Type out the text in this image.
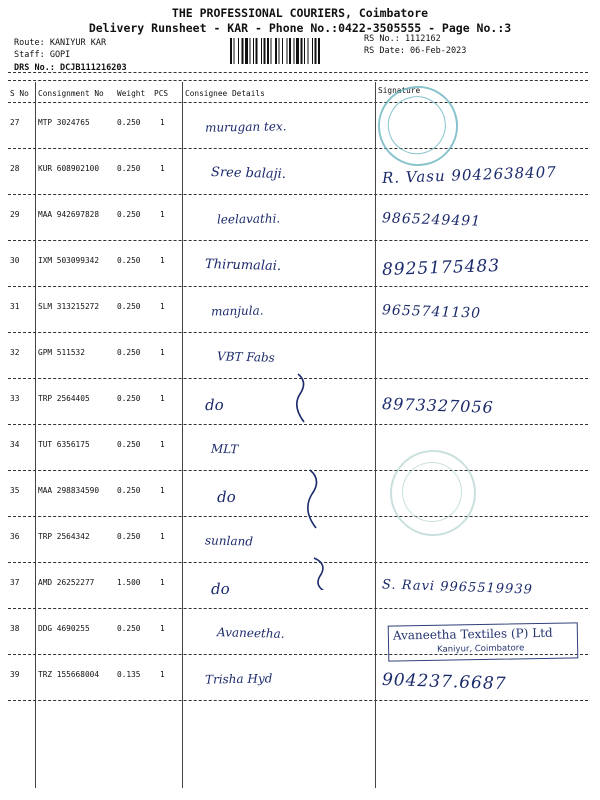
THE PROFESSIONAL COURIERS, Coimbatore
Delivery Runsheet - KAR - Phone No.:0422-3505555 - Page No.:3
Route: KANIYUR KAR
Staff: GOPI
DRS No.: DCJB111216203
RS No.: 1112162
RS Date: 06-Feb-2023
S No Consignment No Weight PCS Consignee Details	Signature
27 MTP 3024765	0.250	1	murugan tex.
28 KUR 608902100 0.250	1	Sree balaji.	R. Vasu 9042638407
29 MAA 942697828 0.250	1	leelavathi.	9865249491
30 IXM 503099342 0.250	1	Thirumalai.	8925175483
31 SLM 313215272 0.250	1	manjula.	9655741130
32 GPM 511532	0.250	1	VBT Fabs
33 TRP 2564405	0.250	1	do	8973327056
34 TUT 6356175	0.250	1	MLT
35 MAA 298834590 0.250	1	do
36 TRP 2564342	0.250	1	sunland
37 AMD 26252277	1.500	1	do	S. Ravi 9965519939
38 DDG 4690255	0.250	1	Avaneetha.
39 TRZ 155668004 0.135	1	Trisha Hyd	904237.6687
Avaneetha Textiles (P) Ltd
Kaniyur, Coimbatore
